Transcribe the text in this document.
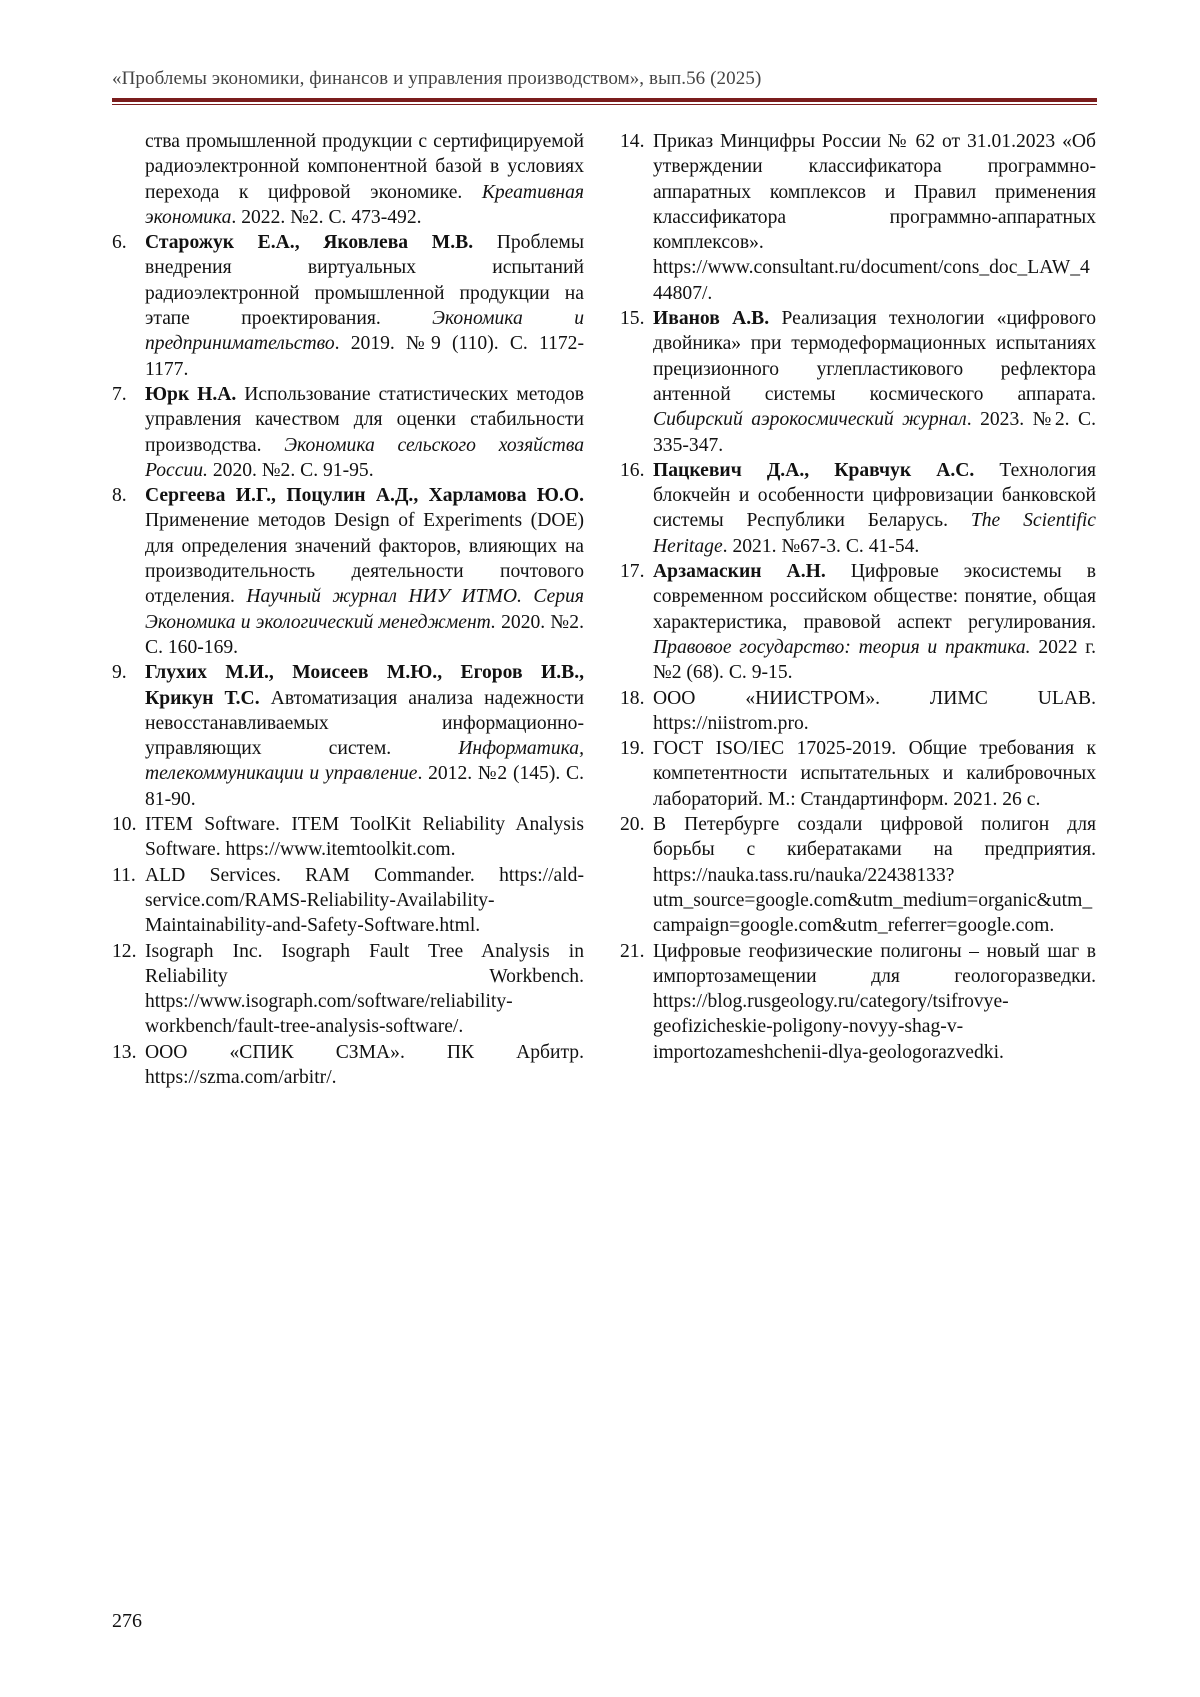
«Проблемы экономики, финансов и управления производством», вып.56 (2025)
ства промышленной продукции с сертифицируемой радиоэлектронной компонентной базой в условиях перехода к цифровой экономике. Креативная экономика. 2022. №2. С. 473-492.
6. Старожук Е.А., Яковлева М.В. Проблемы внедрения виртуальных испытаний радиоэлектронной промышленной продукции на этапе проектирования. Экономика и предпринимательство. 2019. №9 (110). С. 1172-1177.
7. Юрк Н.А. Использование статистических методов управления качеством для оценки стабильности производства. Экономика сельского хозяйства России. 2020. №2. С. 91-95.
8. Сергеева И.Г., Поцулин А.Д., Харламова Ю.О. Применение методов Design of Experiments (DOE) для определения значений факторов, влияющих на производительность деятельности почтового отделения. Научный журнал НИУ ИТМО. Серия Экономика и экологический менеджмент. 2020. №2. С. 160-169.
9. Глухих М.И., Моисеев М.Ю., Егоров И.В., Крикун Т.С. Автоматизация анализа надежности невосстанавливаемых информационно-управляющих систем. Информатика, телекоммуникации и управление. 2012. №2 (145). С. 81-90.
10. ITEM Software. ITEM ToolKit Reliability Analysis Software. https://www.itemtoolkit.com.
11. ALD Services. RAM Commander. https://ald-service.com/RAMS-Reliability-Availability-Maintainability-and-Safety-Software.html.
12. Isograph Inc. Isograph Fault Tree Analysis in Reliability Workbench. https://www.isograph.com/software/reliability-workbench/fault-tree-analysis-software/.
13. ООО «СПИК СЗМА». ПК Арбитр. https://szma.com/arbitr/.
14. Приказ Минцифры России № 62 от 31.01.2023 «Об утверждении классификатора программно-аппаратных комплексов и Правил применения классификатора программно-аппаратных комплексов». https://www.consultant.ru/document/cons_doc_LAW_444807/.
15. Иванов А.В. Реализация технологии «цифрового двойника» при термодеформационных испытаниях прецизионного углепластикового рефлектора антенной системы космического аппарата. Сибирский аэрокосмический журнал. 2023. №2. С. 335-347.
16. Пацкевич Д.А., Кравчук А.С. Технология блокчейн и особенности цифровизации банковской системы Республики Беларусь. The Scientific Heritage. 2021. №67-3. С. 41-54.
17. Арзамаскин А.Н. Цифровые экосистемы в современном российском обществе: понятие, общая характеристика, правовой аспект регулирования. Правовое государство: теория и практика. 2022 г. №2 (68). С. 9-15.
18. ООО «НИИСТРОМ». ЛИМС ULAB. https://niistrom.pro.
19. ГОСТ ISO/IEC 17025-2019. Общие требования к компетентности испытательных и калибровочных лабораторий. М.: Стандартинформ. 2021. 26 с.
20. В Петербурге создали цифровой полигон для борьбы с кибератаками на предприятия. https://nauka.tass.ru/nauka/22438133?utm_source=google.com&utm_medium=organic&utm_campaign=google.com&utm_referrer=google.com.
21. Цифровые геофизические полигоны – новый шаг в импортозамещении для геологоразведки. https://blog.rusgeology.ru/category/tsifrovye-geofizicheskie-poligony-novyy-shag-v-importozameshchenii-dlya-geologorazvedki.
276
